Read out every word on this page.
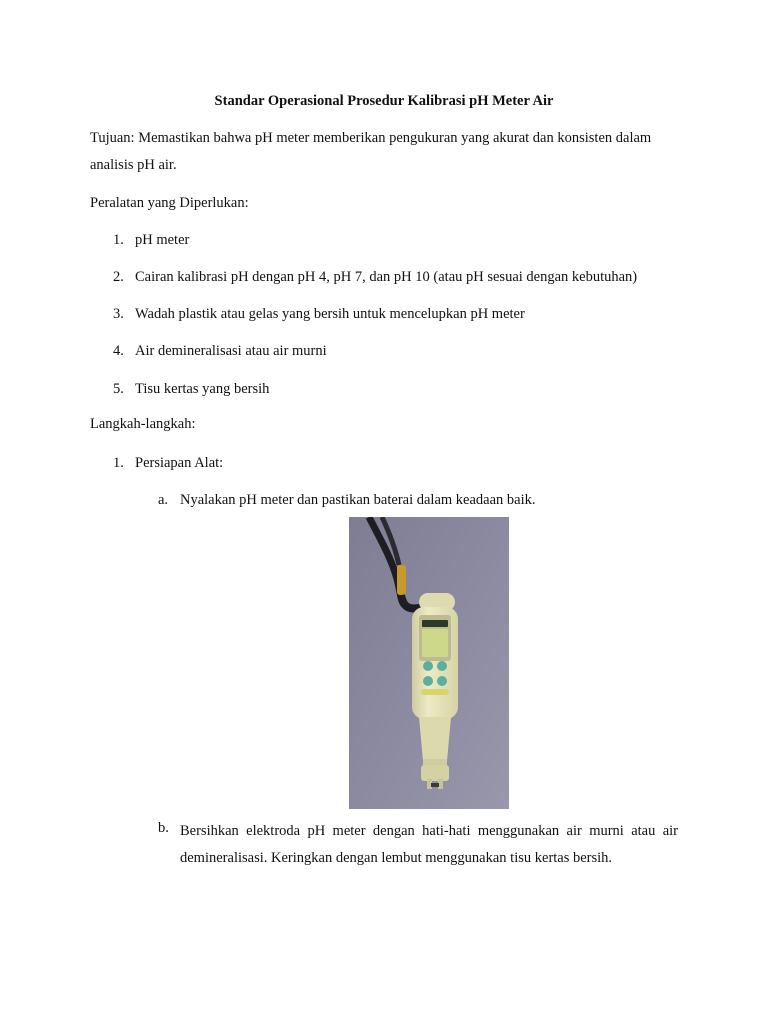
Standar Operasional Prosedur Kalibrasi pH Meter Air
Tujuan: Memastikan bahwa pH meter memberikan pengukuran yang akurat dan konsisten dalam analisis pH air.
Peralatan yang Diperlukan:
1. pH meter
2. Cairan kalibrasi pH dengan pH 4, pH 7, dan pH 10 (atau pH sesuai dengan kebutuhan)
3. Wadah plastik atau gelas yang bersih untuk mencelupkan pH meter
4. Air demineralisasi atau air murni
5. Tisu kertas yang bersih
Langkah-langkah:
1. Persiapan Alat:
a. Nyalakan pH meter dan pastikan baterai dalam keadaan baik.
b. Bersihkan elektroda pH meter dengan hati-hati menggunakan air murni atau air demineralisasi. Keringkan dengan lembut menggunakan tisu kertas bersih.
